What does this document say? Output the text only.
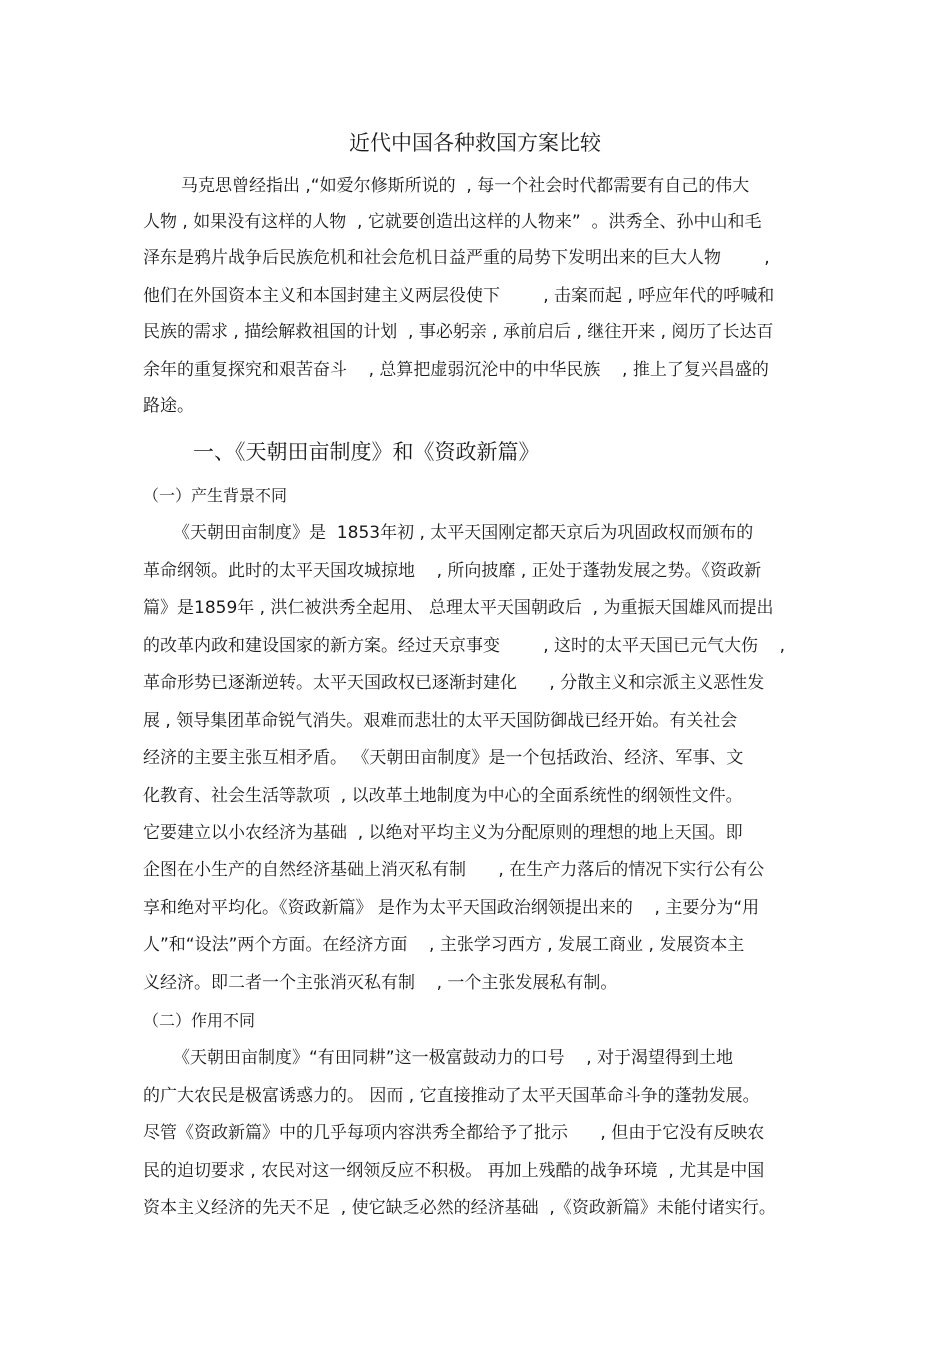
近代中国各种救国方案比较
马克思曾经指出 ,“如爱尔修斯所说的  , 每一个社会时代都需要有自己的伟大
人物 , 如果没有这样的人物  , 它就要创造出这样的人物来”  。洪秀全、孙中山和毛
泽东是鸦片战争后民族危机和社会危机日益严重的局势下发明出来的巨大人物        ,
他们在外国资本主义和本国封建主义两层役使下        , 击案而起 , 呼应年代的呼喊和
民族的需求 , 描绘解救祖国的计划  , 事必躬亲 , 承前启后 , 继往开来 , 阅历了长达百
余年的重复探究和艰苦奋斗    , 总算把虚弱沉沦中的中华民族    , 推上了复兴昌盛的
路途。
一、《天朝田亩制度》和《资政新篇》
（一）产生背景不同
《天朝田亩制度》是  1853年初 , 太平天国刚定都天京后为巩固政权而颁布的
革命纲领。此时的太平天国攻城掠地    , 所向披靡 , 正处于蓬勃发展之势。《资政新
篇》是1859年 , 洪仁被洪秀全起用、 总理太平天国朝政后  , 为重振天国雄风而提出
的改革内政和建设国家的新方案。经过天京事变        , 这时的太平天国已元气大伤    ,
革命形势已逐渐逆转。太平天国政权已逐渐封建化      , 分散主义和宗派主义恶性发
展 , 领导集团革命锐气消失。艰难而悲壮的太平天国防御战已经开始。有关社会
经济的主要主张互相矛盾。 《天朝田亩制度》是一个包括政治、经济、军事、文
化教育、社会生活等款项  , 以改革土地制度为中心的全面系统性的纲领性文件。
它要建立以小农经济为基础  , 以绝对平均主义为分配原则的理想的地上天国。即
企图在小生产的自然经济基础上消灭私有制      , 在生产力落后的情况下实行公有公
享和绝对平均化。《资政新篇》 是作为太平天国政治纲领提出来的    , 主要分为“用
人”和“设法”两个方面。在经济方面    , 主张学习西方 , 发展工商业 , 发展资本主
义经济。即二者一个主张消灭私有制    , 一个主张发展私有制。
（二）作用不同
《天朝田亩制度》“有田同耕”这一极富鼓动力的口号    , 对于渴望得到土地
的广大农民是极富诱惑力的。 因而 , 它直接推动了太平天国革命斗争的蓬勃发展。
尽管《资政新篇》中的几乎每项内容洪秀全都给予了批示      , 但由于它没有反映农
民的迫切要求 , 农民对这一纲领反应不积极。 再加上残酷的战争环境  , 尤其是中国
资本主义经济的先天不足  , 使它缺乏必然的经济基础  ,《资政新篇》未能付诸实行。
